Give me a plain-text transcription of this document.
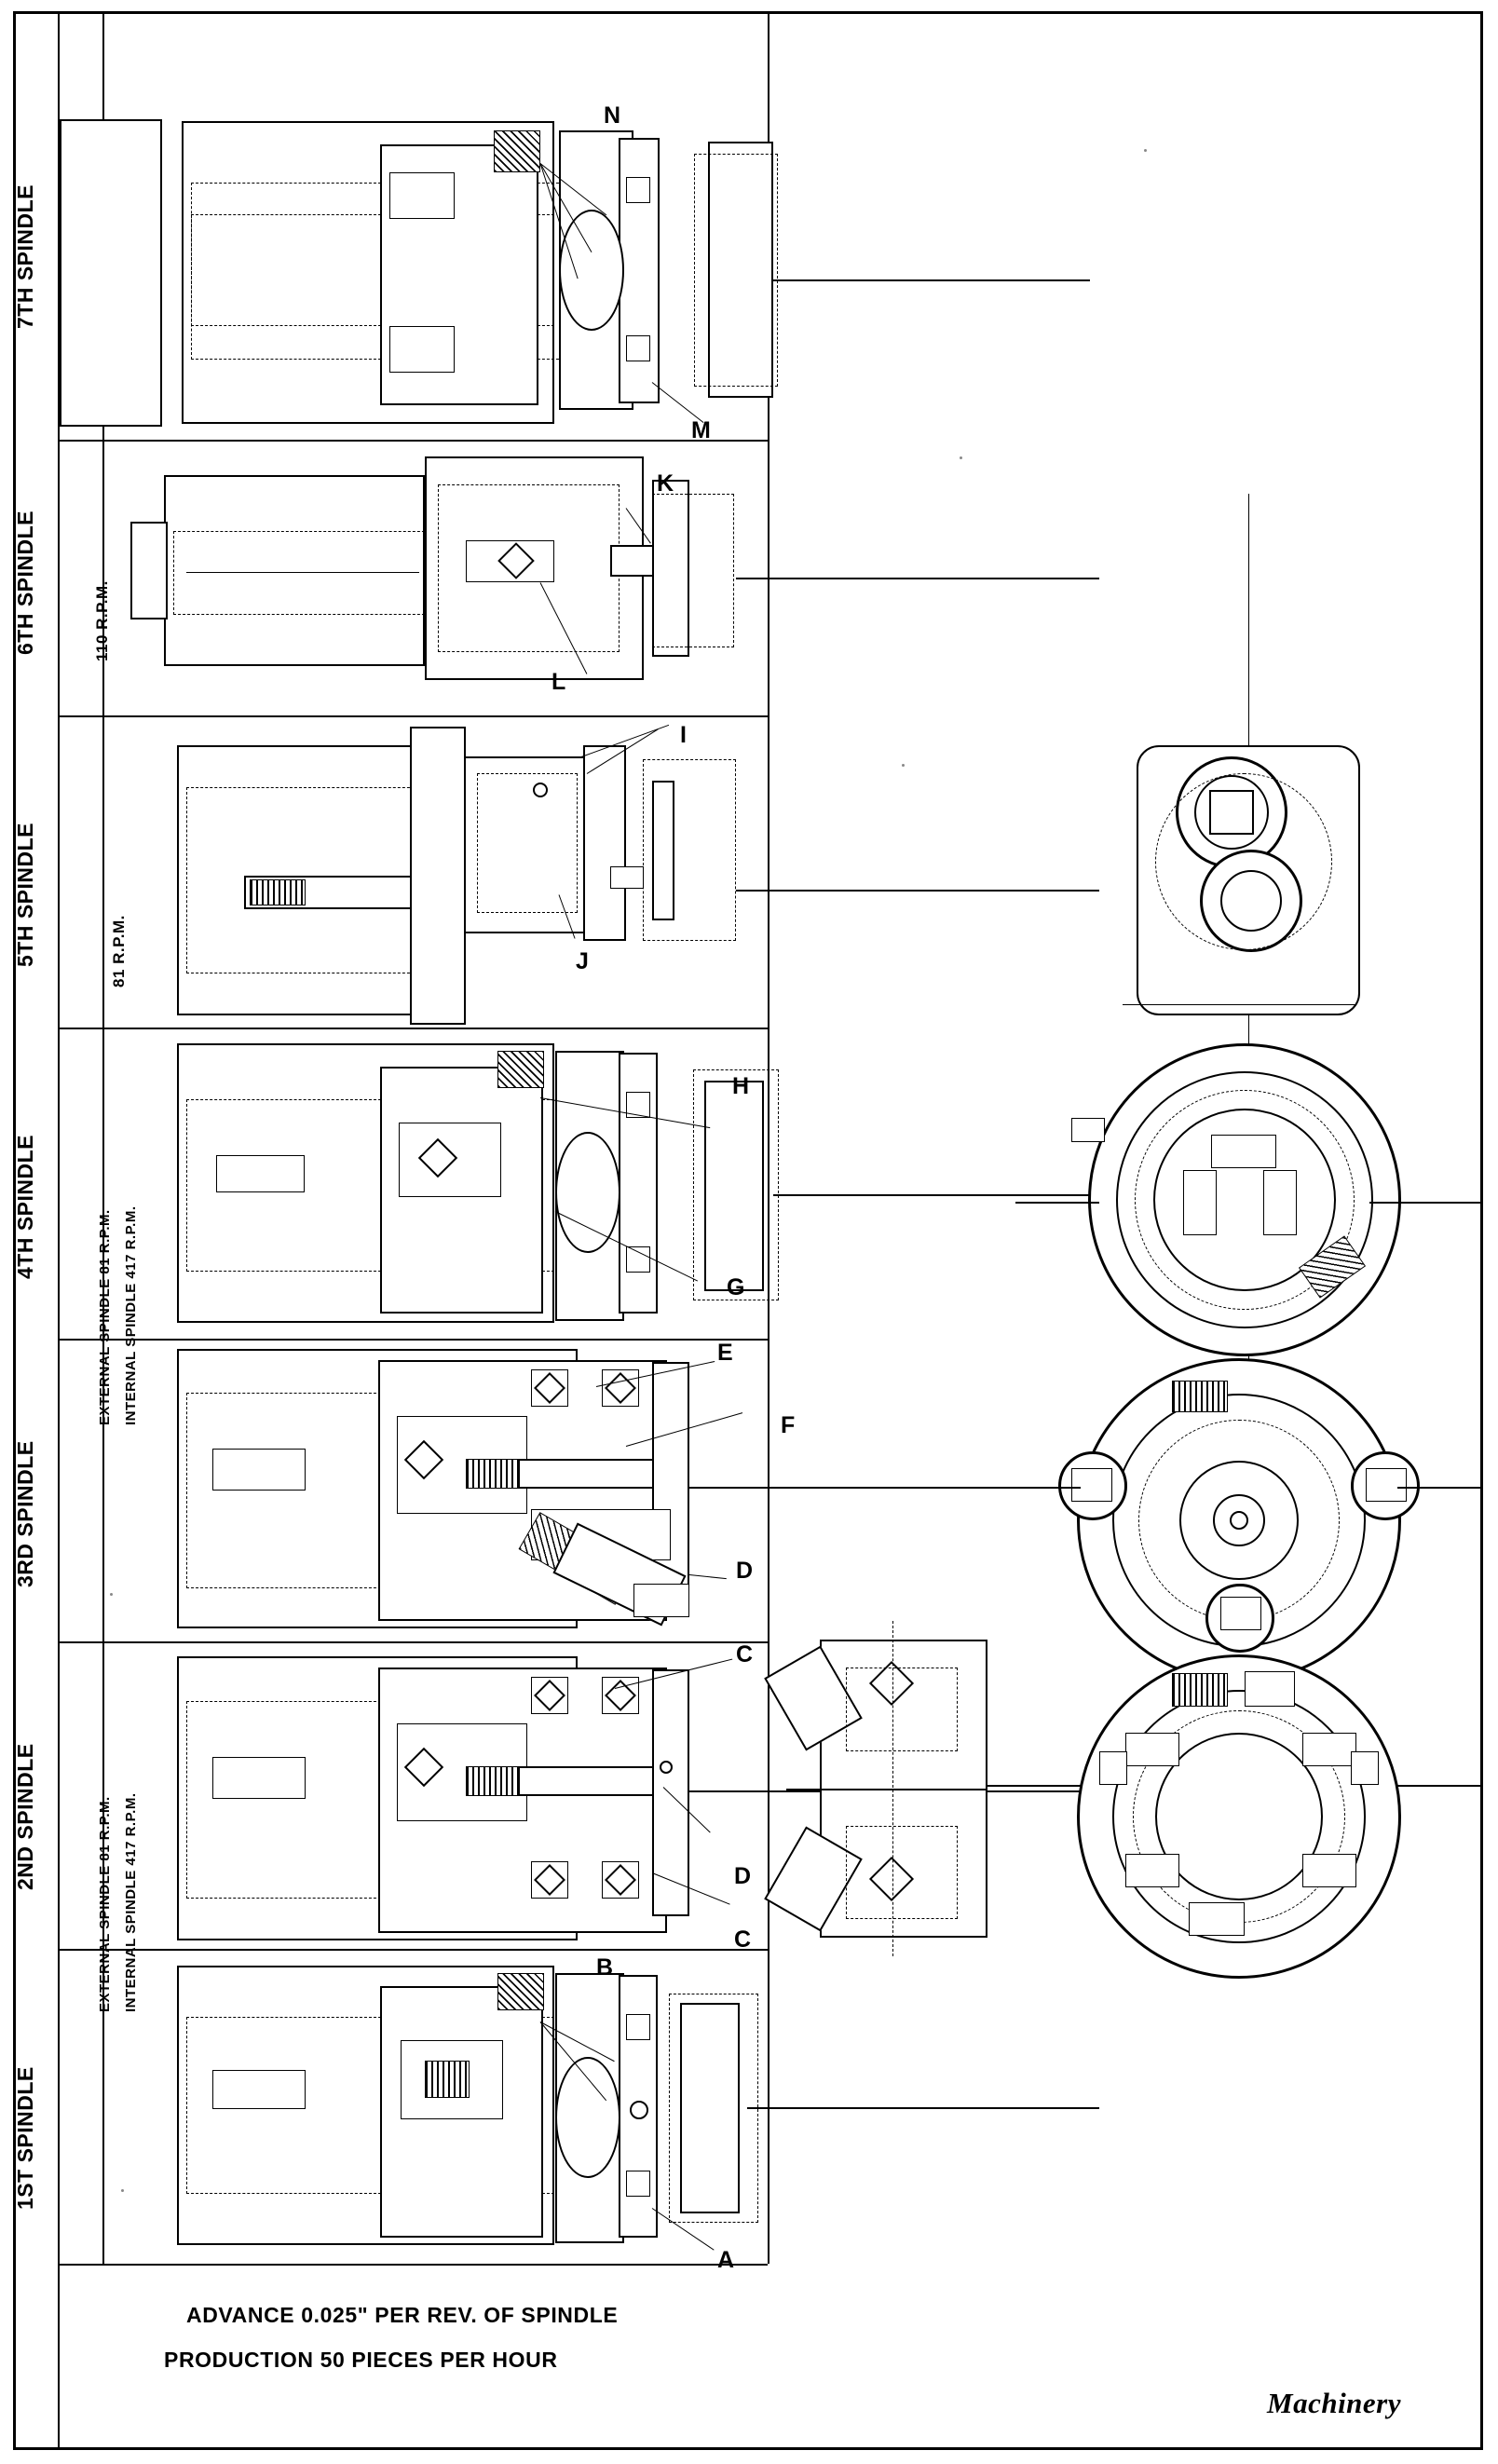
7TH SPINDLE
6TH SPINDLE
5TH SPINDLE
4TH SPINDLE
3RD SPINDLE
2ND SPINDLE
1ST SPINDLE
110 R.P.M.
81 R.P.M.
EXTERNAL SPINDLE 81 R.P.M. INTERNAL SPINDLE 417 R.P.M.
EXTERNAL SPINDLE 81 R.P.M. INTERNAL SPINDLE 417 R.P.M.
N
M
K
L
I
J
H
G
E
F
D
C
D
C
B
A
ADVANCE 0.025" PER REV. OF SPINDLE
PRODUCTION 50 PIECES PER HOUR
Machinery
